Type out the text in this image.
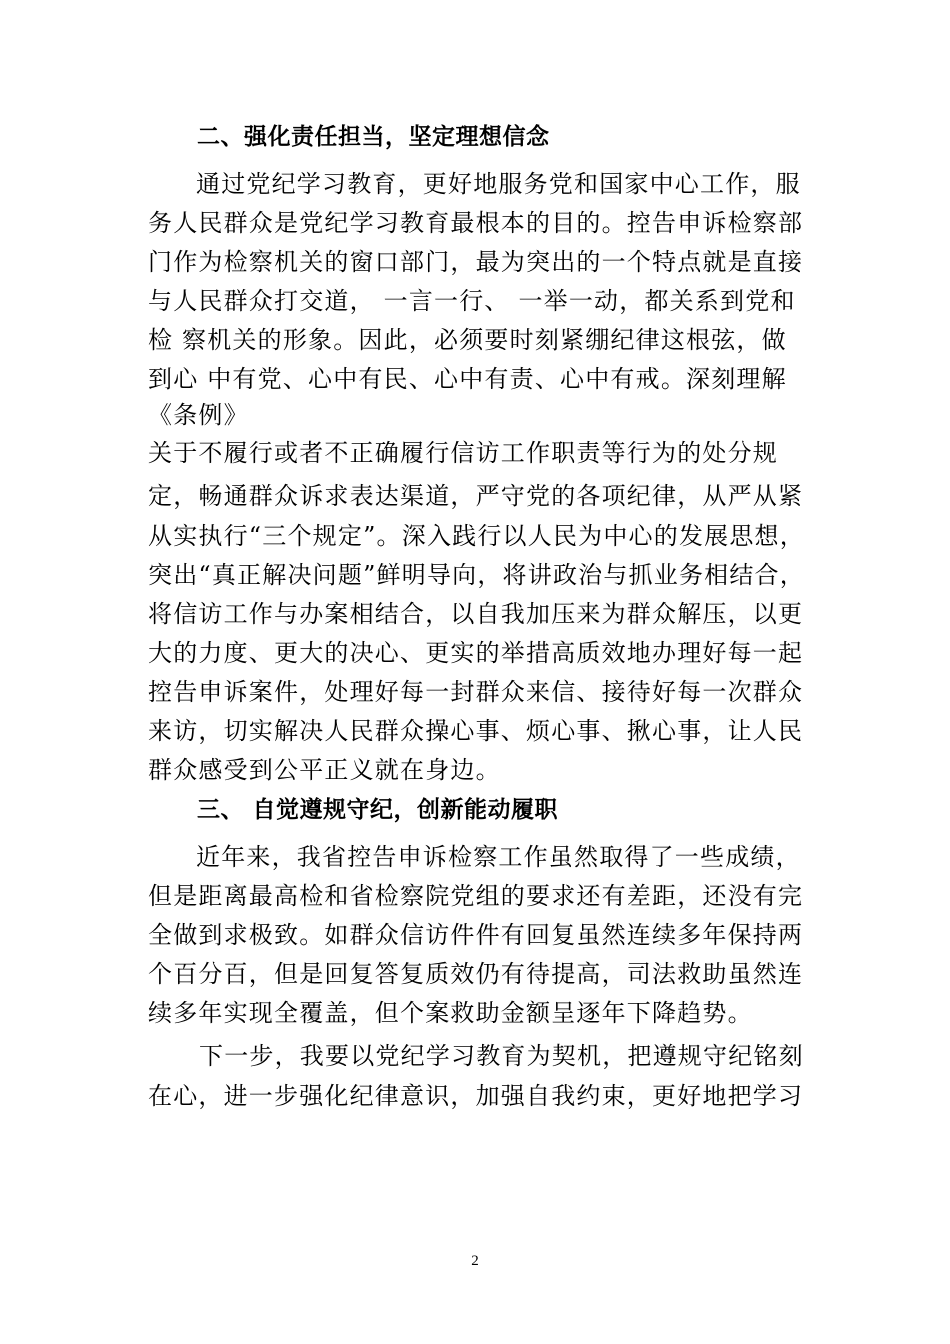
二、强化责任担当，坚定理想信念
通过党纪学习教育，更好地服务党和国家中心工作，服
务人民群众是党纪学习教育最根本的目的。控告申诉检察部
门作为检察机关的窗口部门，最为突出的一个特点就是直接
与人民群众打交道， 一言一行、 一举一动，都关系到党和
检 察机关的形象。因此，必须要时刻紧绷纪律这根弦，做
到心 中有党、心中有民、心中有责、心中有戒。深刻理解
《条例》
关于不履行或者不正确履行信访工作职责等行为的处分规
定，畅通群众诉求表达渠道，严守党的各项纪律，从严从紧
从实执行“三个规定”。深入践行以人民为中心的发展思想，
突出“真正解决问题”鲜明导向，将讲政治与抓业务相结合，
将信访工作与办案相结合，以自我加压来为群众解压，以更
大的力度、更大的决心、更实的举措高质效地办理好每一起
控告申诉案件，处理好每一封群众来信、接待好每一次群众
来访，切实解决人民群众操心事、烦心事、揪心事，让人民
群众感受到公平正义就在身边。
三、 自觉遵规守纪，创新能动履职
近年来，我省控告申诉检察工作虽然取得了一些成绩，
但是距离最高检和省检察院党组的要求还有差距，还没有完
全做到求极致。如群众信访件件有回复虽然连续多年保持两
个百分百，但是回复答复质效仍有待提高，司法救助虽然连
续多年实现全覆盖，但个案救助金额呈逐年下降趋势。
下一步，我要以党纪学习教育为契机，把遵规守纪铭刻
在心，进一步强化纪律意识，加强自我约束，更好地把学习
2
